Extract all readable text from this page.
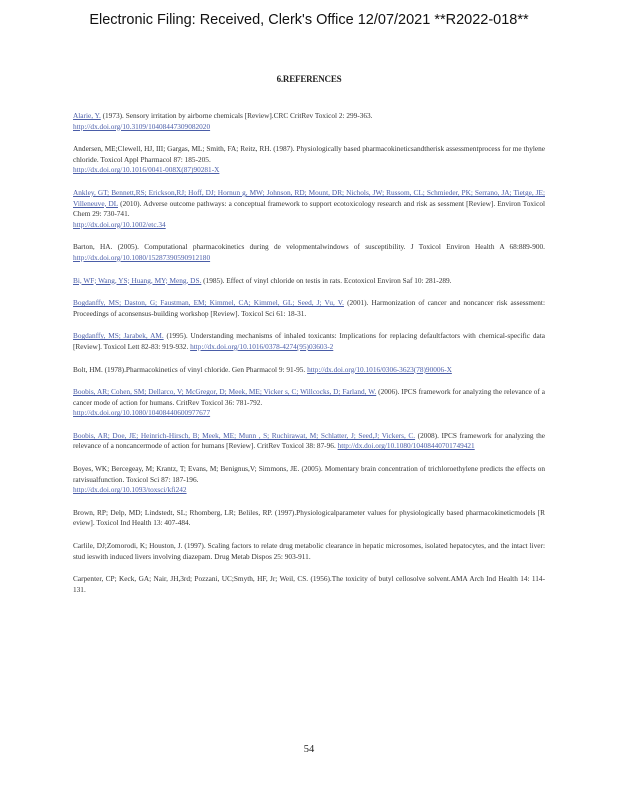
Electronic Filing: Received, Clerk's Office 12/07/2021 **R2022-018**
6.REFERENCES

Alarie, Y. (1973). Sensory irritation by airborne chemicals [Review].CRC CritRev Toxicol 2: 299-363.
http://dx.doi.org/10.3109/10408447309082020

Andersen, ME;Clewell, HJ, III; Gargas, ML; Smith, FA; Reitz, RH. (1987). Physiologically based pharmacokineticsandtherisk assessmentprocess for me thylene chloride. Toxicol Appl Pharmacol 87: 185-205.
http://dx.doi.org/10.1016/0041-008X(87)90281-X

Ankley, GT; Bennett,RS; Erickson,RJ; Hoff, DJ; Hornun g, MW; Johnson, RD; Mount, DR; Nichols, JW; Russom, CL; Schmieder, PK; Serrano, JA; Tietge, JE; Villeneuve, DL (2010). Adverse outcome pathways: a conceptual framework to support ecotoxicology research and risk as sessment [Review]. Environ Toxicol Chem 29: 730-741.
http://dx.doi.org/10.1002/etc.34

Barton, HA. (2005). Computational pharmacokinetics during de velopmentalwindows of susceptibility. J Toxicol Environ Health A 68:889-900. http://dx.doi.org/10.1080/15287390590912180

Bi, WF; Wang, YS; Huang, MY; Meng, DS. (1985). Effect of vinyl chloride on testis in rats. Ecotoxicol Environ Saf 10: 281-289.

Bogdanffy, MS; Daston, G; Faustman, EM; Kimmel, CA; Kimmel, GL; Seed, J; Vu, V. (2001). Harmonization of cancer and noncancer risk assessment: Proceedings of aconsensus-building workshop [Review]. Toxicol Sci 61: 18-31.

Bogdanffy, MS; Jarabek, AM. (1995). Understanding mechanisms of inhaled toxicants: Implications for replacing defaultfactors with chemical-specific data [Review]. Toxicol Lett 82-83: 919-932. http://dx.doi.org/10.1016/0378-4274(95)03603-2

Bolt, HM. (1978).Pharmacokinetics of vinyl chloride. Gen Pharmacol 9: 91-95. http://dx.doi.org/10.1016/0306-3623(78)90006-X

Boobis, AR; Cohen, SM; Dellarco, V; McGregor, D; Meek, ME; Vicker s, C; Willcocks, D; Farland, W. (2006). IPCS framework for analyzing the relevance of a cancer mode of action for humans. CritRev Toxicol 36: 781-792.
http://dx.doi.org/10.1080/10408440600977677

Boobis, AR; Doe, JE; Heinrich-Hirsch, B; Meek, ME; Munn , S; Ruchirawat, M; Schlatter, J; Seed,J; Vickers, C. (2008). IPCS framework for analyzing the relevance of a noncancermode of action for humans [Review]. CritRev Toxicol 38: 87-96. http://dx.doi.org/10.1080/10408440701749421

Boyes, WK; Bercegeay, M; Krantz, T; Evans, M; Benignus,V; Simmons, JE. (2005). Momentary brain concentration of trichloroethylene predicts the effects on ratvisualfunction. Toxicol Sci 87: 187-196.
http://dx.doi.org/10.1093/toxsci/kfi242

Brown, RP; Delp, MD; Lindstedt, SL; Rhomberg, LR; Beliles, RP. (1997).Physiologicalparameter values for physiologically based pharmacokineticmodels [R eview]. Toxicol Ind Health 13: 407-484.

Carlile, DJ;Zomorodi, K; Houston, J. (1997). Scaling factors to relate drug metabolic clearance in hepatic microsomes, isolated hepatocytes, and the intact liver: stud ieswith induced livers involving diazepam. Drug Metab Dispos 25: 903-911.

Carpenter, CP; Keck, GA; Nair, JH,3rd; Pozzani, UC;Smyth, HF, Jr; Weil, CS. (1956).The toxicity of butyl cellosolve solvent.AMA Arch Ind Health 14: 114-131.

54
